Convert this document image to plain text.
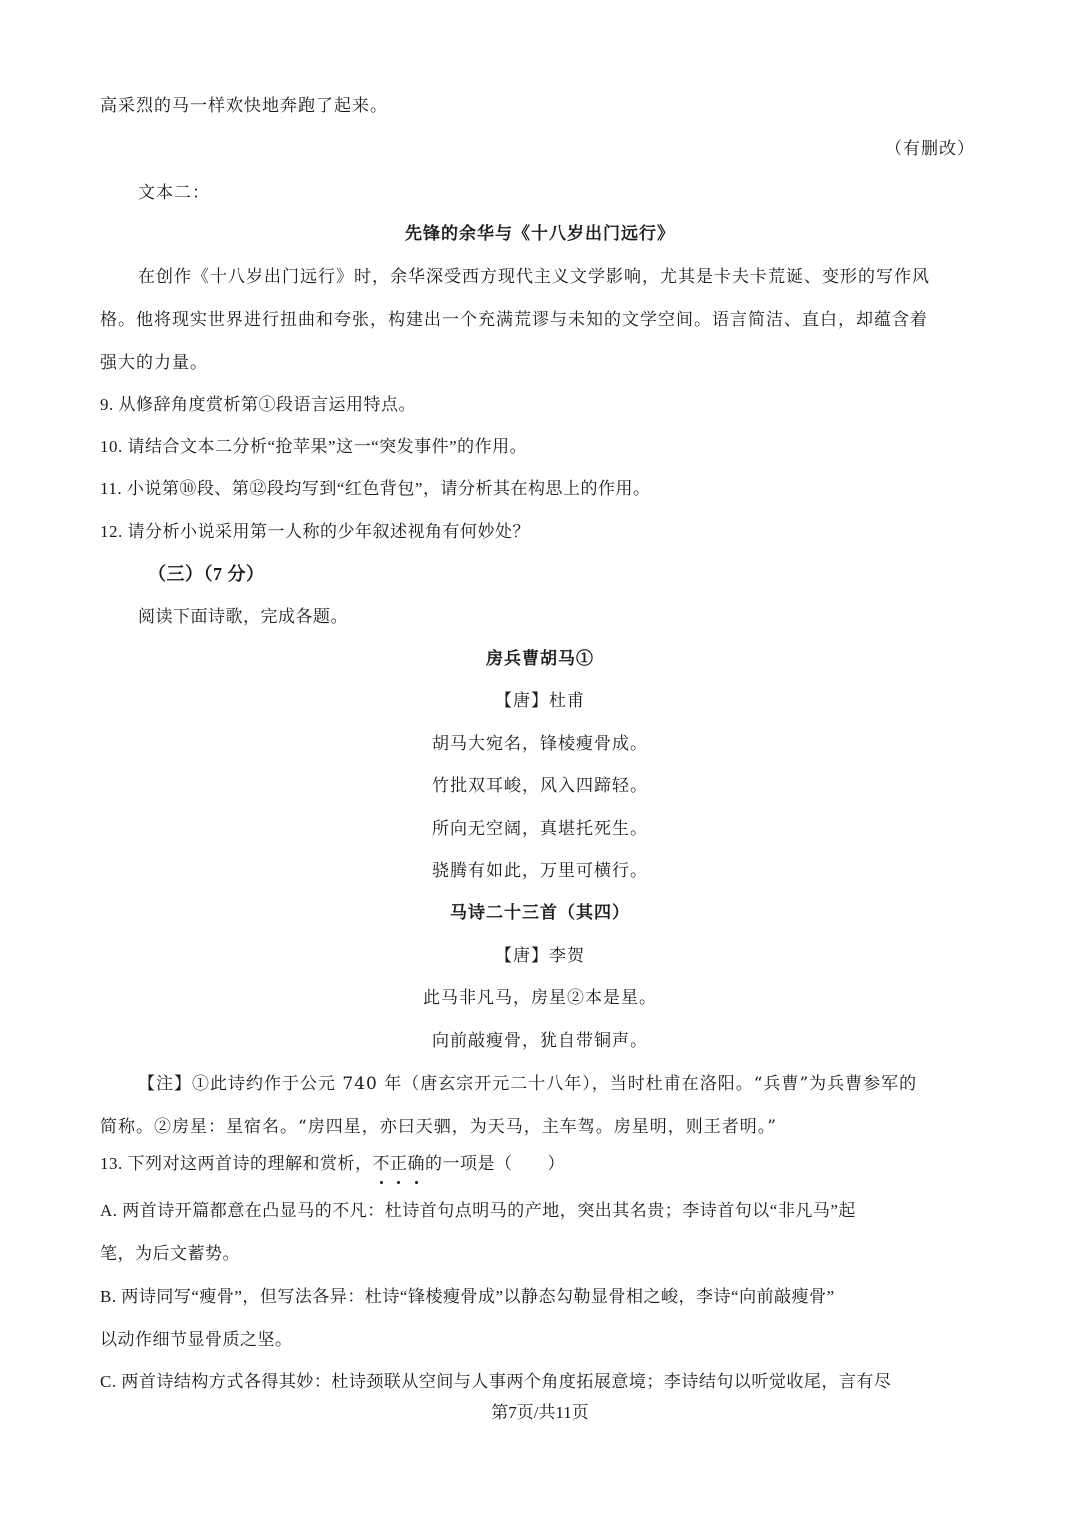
高采烈的马一样欢快地奔跑了起来。
（有删改）
文本二：
先锋的余华与《十八岁出门远行》
在创作《十八岁出门远行》时，余华深受西方现代主义文学影响，尤其是卡夫卡荒诞、变形的写作风
格。他将现实世界进行扭曲和夸张，构建出一个充满荒谬与未知的文学空间。语言简洁、直白，却蕴含着
强大的力量。
9. 从修辞角度赏析第①段语言运用特点。
10. 请结合文本二分析“抢苹果”这一“突发事件”的作用。
11. 小说第⑩段、第⑫段均写到“红色背包”，请分析其在构思上的作用。
12. 请分析小说采用第一人称的少年叙述视角有何妙处？
（三）（7 分）
阅读下面诗歌，完成各题。
房兵曹胡马①
【唐】杜甫
胡马大宛名，锋棱瘦骨成。
竹批双耳峻，风入四蹄轻。
所向无空阔，真堪托死生。
骁腾有如此，万里可横行。
马诗二十三首（其四）
【唐】李贺
此马非凡马，房星②本是星。
向前敲瘦骨，犹自带铜声。
【注】①此诗约作于公元 740 年（唐玄宗开元二十八年），当时杜甫在洛阳。“兵曹”为兵曹参军的
简称。②房星：星宿名。“房四星，亦曰天驷，为天马，主车驾。房星明，则王者明。”
13. 下列对这两首诗的理解和赏析，不正确的一项是（　　）
A. 两首诗开篇都意在凸显马的不凡：杜诗首句点明马的产地，突出其名贵；李诗首句以“非凡马”起
笔，为后文蓄势。
B. 两诗同写“瘦骨”，但写法各异：杜诗“锋棱瘦骨成”以静态勾勒显骨相之峻，李诗“向前敲瘦骨”
以动作细节显骨质之坚。
C. 两首诗结构方式各得其妙：杜诗颈联从空间与人事两个角度拓展意境；李诗结句以听觉收尾，言有尽
第7页/共11页
